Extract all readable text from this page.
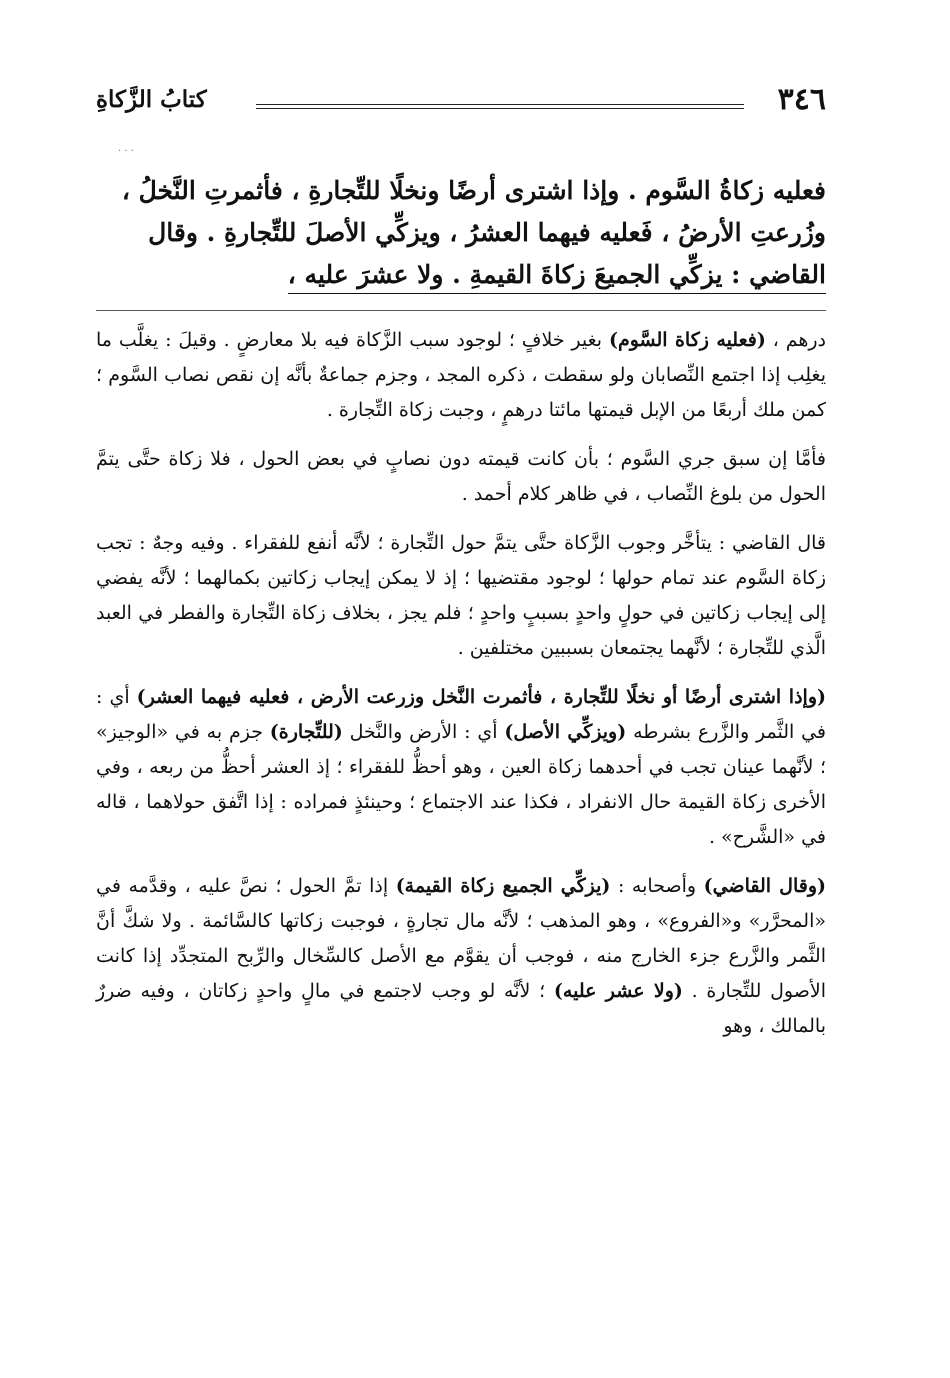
٣٤٦
كتابُ الزَّكاةِ
· · ·
فعليه زكاةُ السَّوم . وإذا اشترى أرضًا ونخلًا للتِّجارةِ ، فأثمرتِ النَّخلُ ،
وزُرعتِ الأرضُ ، فَعليه فيهما العشرُ ، ويزكِّي الأصلَ للتِّجارةِ . وقال
القاضي : يزكِّي الجميعَ زكاةَ القيمةِ . ولا عشرَ عليه ،

درهم ، (فعليه زكاة السَّوم) بغير خلافٍ ؛ لوجود سبب الزَّكاة فيه بلا معارضٍ . وقيلَ : يغلَّب ما يغلِب إذا اجتمع النِّصابان ولو سقطت ، ذكره المجد ، وجزم جماعةٌ بأنَّه إن نقص نصاب السَّوم ؛ كمن ملك أربعًا من الإبل قيمتها مائتا درهمٍ ، وجبت زكاة التِّجارة .

فأمَّا إن سبق جري السَّوم ؛ بأن كانت قيمته دون نصابٍ في بعض الحول ، فلا زكاة حتَّى يتمَّ الحول من بلوغ النِّصاب ، في ظاهر كلام أحمد .

قال القاضي : يتأخَّر وجوب الزَّكاة حتَّى يتمَّ حول التِّجارة ؛ لأنَّه أنفع للفقراء . وفيه وجهٌ : تجب زكاة السَّوم عند تمام حولها ؛ لوجود مقتضيها ؛ إذ لا يمكن إيجاب زكاتين بكمالهما ؛ لأنَّه يفضي إلى إيجاب زكاتين في حولٍ واحدٍ بسببٍ واحدٍ ؛ فلم يجز ، بخلاف زكاة التِّجارة والفطر في العبد الَّذي للتِّجارة ؛ لأنَّهما يجتمعان بسببين مختلفين .

(وإذا اشترى أرضًا أو نخلًا للتِّجارة ، فأثمرت النَّخل وزرعت الأرض ، فعليه فيهما العشر) أي : في الثَّمر والزَّرع بشرطه (ويزكِّي الأصل) أي : الأرض والنَّخل (للتِّجارة) جزم به في «الوجيز» ؛ لأنَّهما عينان تجب في أحدهما زكاة العين ، وهو أحظُّ للفقراء ؛ إذ العشر أحظُّ من ربعه ، وفي الأخرى زكاة القيمة حال الانفراد ، فكذا عند الاجتماع ؛ وحينئذٍ فمراده : إذا اتَّفق حولاهما ، قاله في «الشَّرح» .

(وقال القاضي) وأصحابه : (يزكِّي الجميع زكاة القيمة) إذا تمَّ الحول ؛ نصَّ عليه ، وقدَّمه في «المحرَّر» و«الفروع» ، وهو المذهب ؛ لأنَّه مال تجارةٍ ، فوجبت زكاتها كالسَّائمة . ولا شكَّ أنَّ الثَّمر والزَّرع جزء الخارج منه ، فوجب أن يقوَّم مع الأصل كالسِّخال والرِّبح المتجدِّد إذا كانت الأصول للتِّجارة . (ولا عشر عليه) ؛ لأنَّه لو وجب لاجتمع في مالٍ واحدٍ زكاتان ، وفيه ضررٌ بالمالك ، وهو
